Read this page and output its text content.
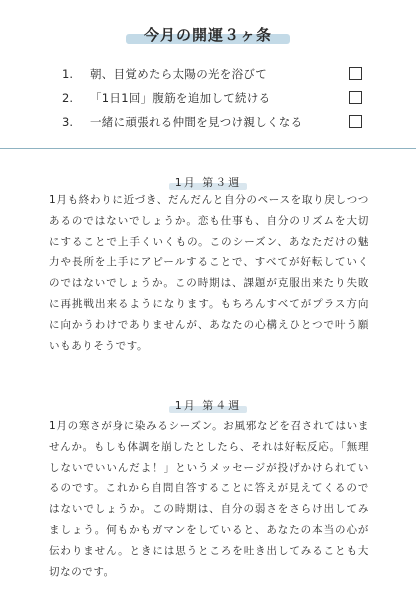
今月の開運３ヶ条
1.	朝、目覚めたら太陽の光を浴びて
2.	「1日1回」腹筋を追加して続ける
3.	一緒に頑張れる仲間を見つけ親しくなる
1月 第３週
1月も終わりに近づき、だんだんと自分のペースを取り戻しつつあるのではないでしょうか。恋も仕事も、自分のリズムを大切にすることで上手くいくもの。このシーズン、あなただけの魅力や長所を上手にアピールすることで、すべてが好転していくのではないでしょうか。この時期は、課題が克服出来たり失敗に再挑戦出来るようになります。もちろんすべてがプラス方向に向かうわけでありませんが、あなたの心構えひとつで叶う願いもありそうです。
1月 第４週
1月の寒さが身に染みるシーズン。お風邪などを召されてはいませんか。もしも体調を崩したとしたら、それは好転反応。「無理しないでいいんだよ！」というメッセージが投げかけられているのです。これから自問自答することに答えが見えてくるのではないでしょうか。この時期は、自分の弱さをさらけ出してみましょう。何もかもガマンをしていると、あなたの本当の心が伝わりません。ときには思うところを吐き出してみることも大切なのです。
